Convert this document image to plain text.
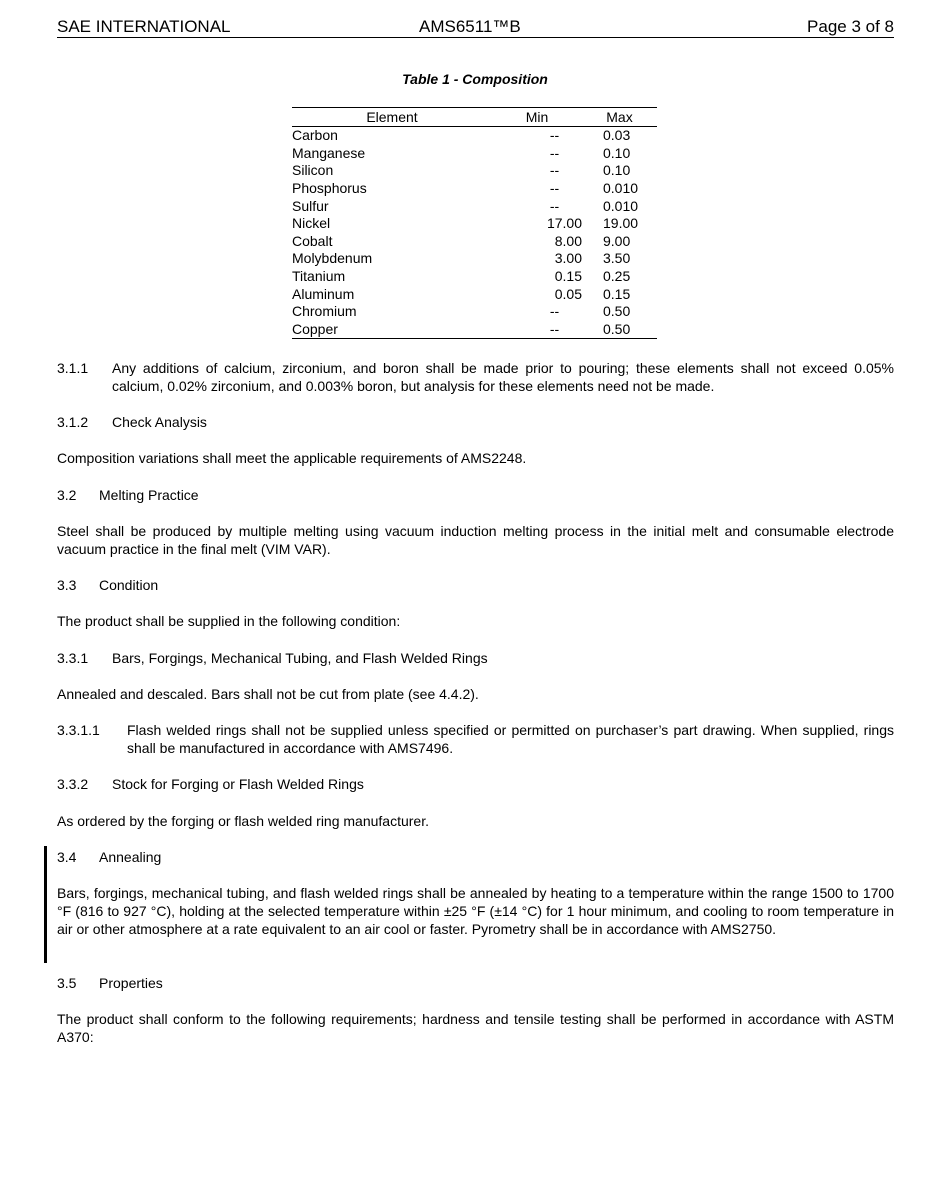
SAE INTERNATIONAL	AMS6511™B	Page 3 of 8
Table 1 - Composition
Element	Min	Max
Carbon	--	0.03
Manganese	--	0.10
Silicon	--	0.10
Phosphorus	--	0.010
Sulfur	--	0.010
Nickel	17.00	19.00
Cobalt	8.00	9.00
Molybdenum	3.00	3.50
Titanium	0.15	0.25
Aluminum	0.05	0.15
Chromium	--	0.50
Copper	--	0.50
3.1.1 Any additions of calcium, zirconium, and boron shall be made prior to pouring; these elements shall not exceed 0.05% calcium, 0.02% zirconium, and 0.003% boron, but analysis for these elements need not be made.
3.1.2 Check Analysis
Composition variations shall meet the applicable requirements of AMS2248.
3.2 Melting Practice
Steel shall be produced by multiple melting using vacuum induction melting process in the initial melt and consumable electrode vacuum practice in the final melt (VIM VAR).
3.3 Condition
The product shall be supplied in the following condition:
3.3.1 Bars, Forgings, Mechanical Tubing, and Flash Welded Rings
Annealed and descaled. Bars shall not be cut from plate (see 4.4.2).
3.3.1.1 Flash welded rings shall not be supplied unless specified or permitted on purchaser’s part drawing. When supplied, rings shall be manufactured in accordance with AMS7496.
3.3.2 Stock for Forging or Flash Welded Rings
As ordered by the forging or flash welded ring manufacturer.
3.4 Annealing
Bars, forgings, mechanical tubing, and flash welded rings shall be annealed by heating to a temperature within the range 1500 to 1700 °F (816 to 927 °C), holding at the selected temperature within ±25 °F (±14 °C) for 1 hour minimum, and cooling to room temperature in air or other atmosphere at a rate equivalent to an air cool or faster. Pyrometry shall be in accordance with AMS2750.
3.5 Properties
The product shall conform to the following requirements; hardness and tensile testing shall be performed in accordance with ASTM A370:
